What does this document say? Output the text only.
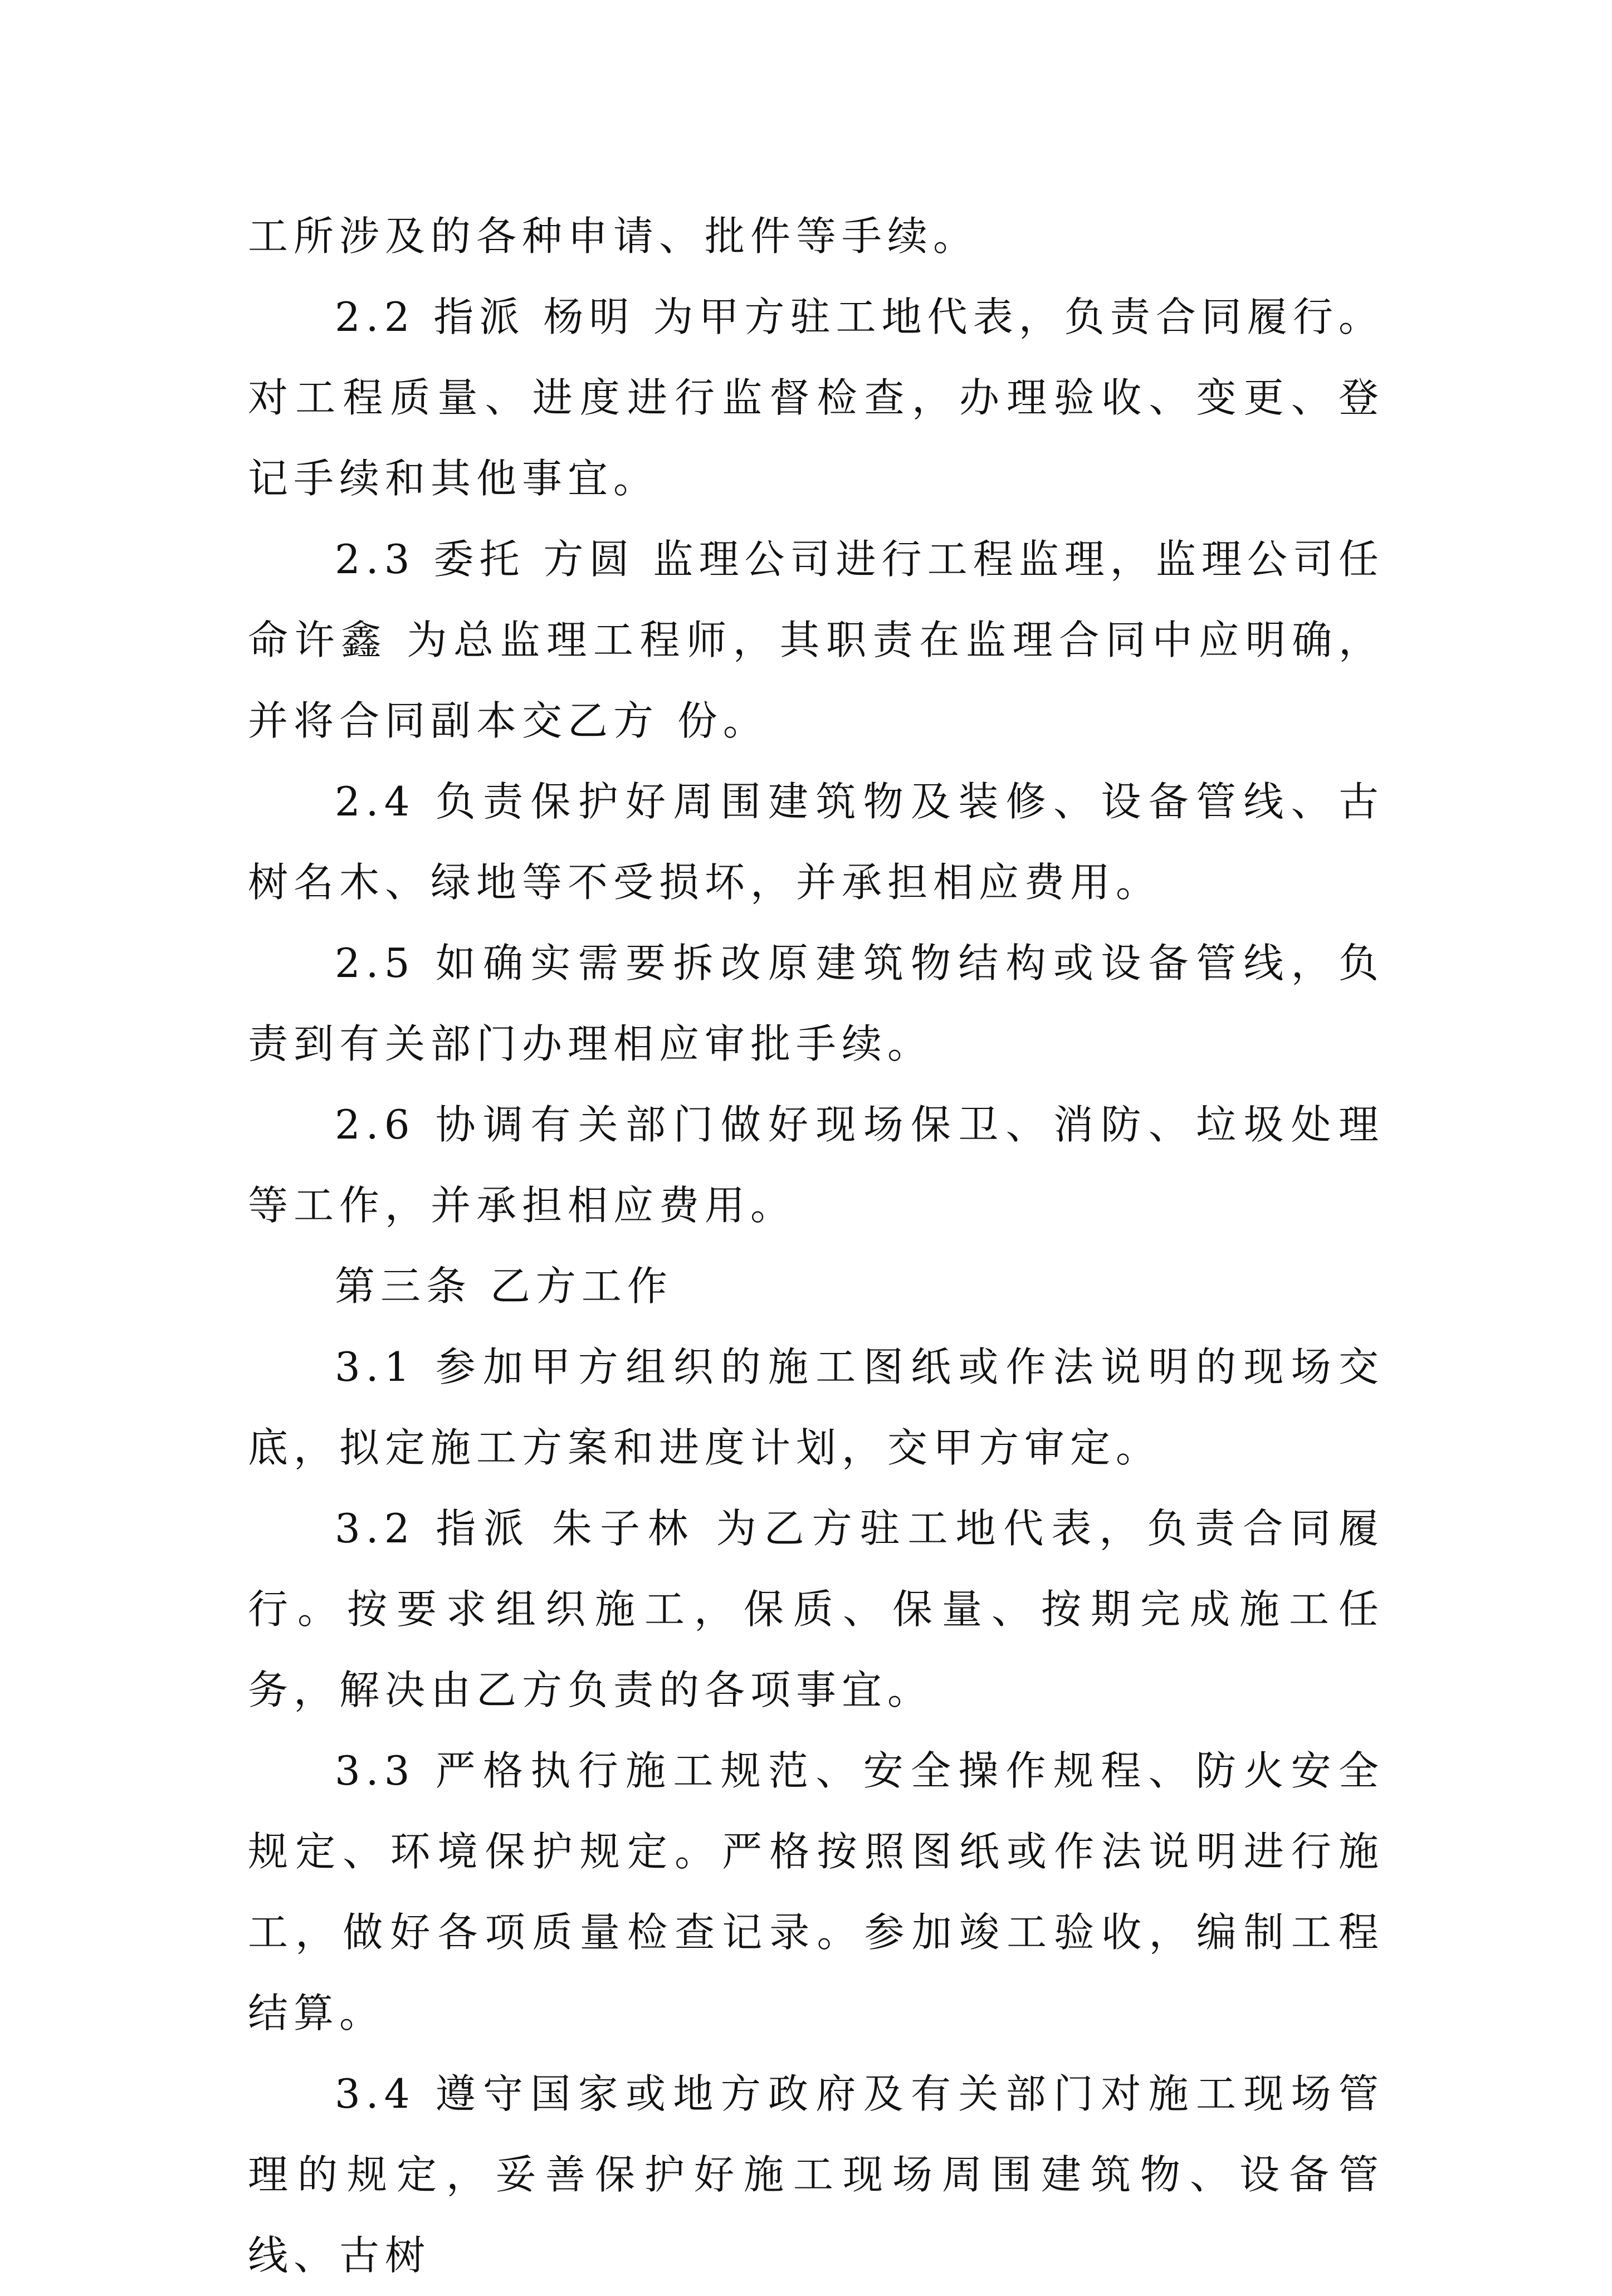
工所涉及的各种申请、批件等手续。

2.2 指派 杨明 为甲方驻工地代表，负责合同履行。对工程质量、进度进行监督检查，办理验收、变更、登记手续和其他事宜。

2.3 委托 方圆 监理公司进行工程监理，监理公司任命许鑫 为总监理工程师，其职责在监理合同中应明确，并将合同副本交乙方 份。

2.4 负责保护好周围建筑物及装修、设备管线、古树名木、绿地等不受损坏，并承担相应费用。

2.5 如确实需要拆改原建筑物结构或设备管线，负责到有关部门办理相应审批手续。

2.6 协调有关部门做好现场保卫、消防、垃圾处理等工作，并承担相应费用。

第三条 乙方工作

3.1 参加甲方组织的施工图纸或作法说明的现场交底，拟定施工方案和进度计划，交甲方审定。

3.2 指派 朱子林 为乙方驻工地代表，负责合同履行。按要求组织施工，保质、保量、按期完成施工任务，解决由乙方负责的各项事宜。

3.3 严格执行施工规范、安全操作规程、防火安全规定、环境保护规定。严格按照图纸或作法说明进行施工，做好各项质量检查记录。参加竣工验收，编制工程结算。

3.4 遵守国家或地方政府及有关部门对施工现场管理的规定，妥善保护好施工现场周围建筑物、设备管线、古树
